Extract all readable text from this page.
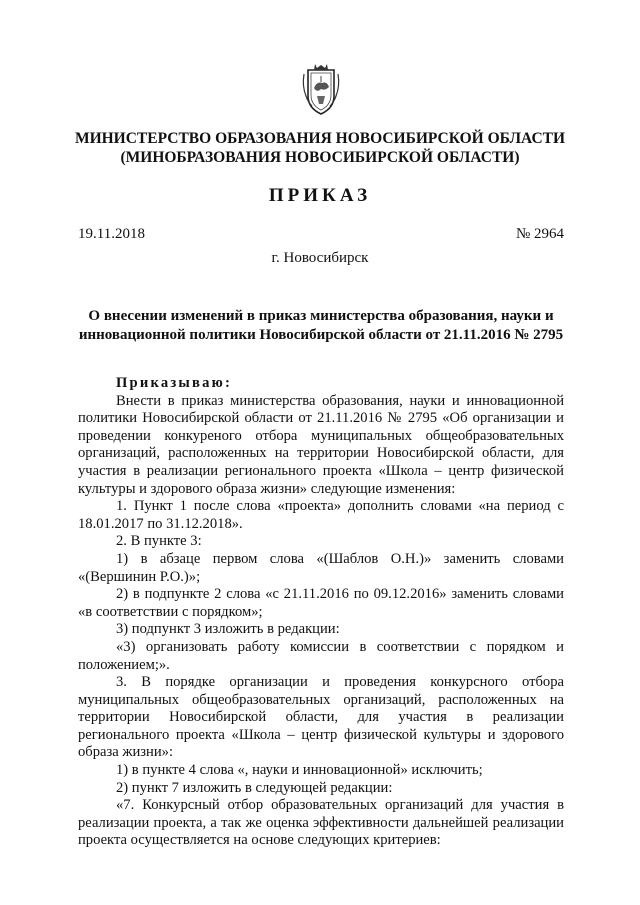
МИНИСТЕРСТВО ОБРАЗОВАНИЯ НОВОСИБИРСКОЙ ОБЛАСТИ
(МИНОБРАЗОВАНИЯ НОВОСИБИРСКОЙ ОБЛАСТИ)
ПРИКАЗ
19.11.2018	№ 2964
г. Новосибирск
О внесении изменений в приказ министерства образования, науки и
инновационной политики Новосибирской области от 21.11.2016 № 2795

Приказываю:

Внести в приказ министерства образования, науки и инновационной политики Новосибирской области от 21.11.2016 № 2795 «Об организации и проведении конкуреного отбора муниципальных общеобразовательных организаций, расположенных на территории Новосибирской области, для участия в реализации регионального проекта «Школа – центр физической культуры и здорового образа жизни» следующие изменения:

1. Пункт 1 после слова «проекта» дополнить словами «на период с 18.01.2017 по 31.12.2018».

2. В пункте 3:

1) в абзаце первом слова «(Шаблов О.Н.)» заменить словами «(Вершинин Р.О.)»;

2) в подпункте 2 слова «с 21.11.2016 по 09.12.2016» заменить словами «в соответствии с порядком»;

3) подпункт 3 изложить в редакции:

«3) организовать работу комиссии в соответствии с порядком и положением;».

3. В порядке организации и проведения конкурсного отбора муниципальных общеобразовательных организаций, расположенных на территории Новосибирской области, для участия в реализации регионального проекта «Школа – центр физической культуры и здорового образа жизни»:

1) в пункте 4 слова «, науки и инновационной» исключить;

2) пункт 7 изложить в следующей редакции:

«7. Конкурсный отбор образовательных организаций для участия в реализации проекта, а так же оценка эффективности дальнейшей реализации проекта осуществляется на основе следующих критериев:
